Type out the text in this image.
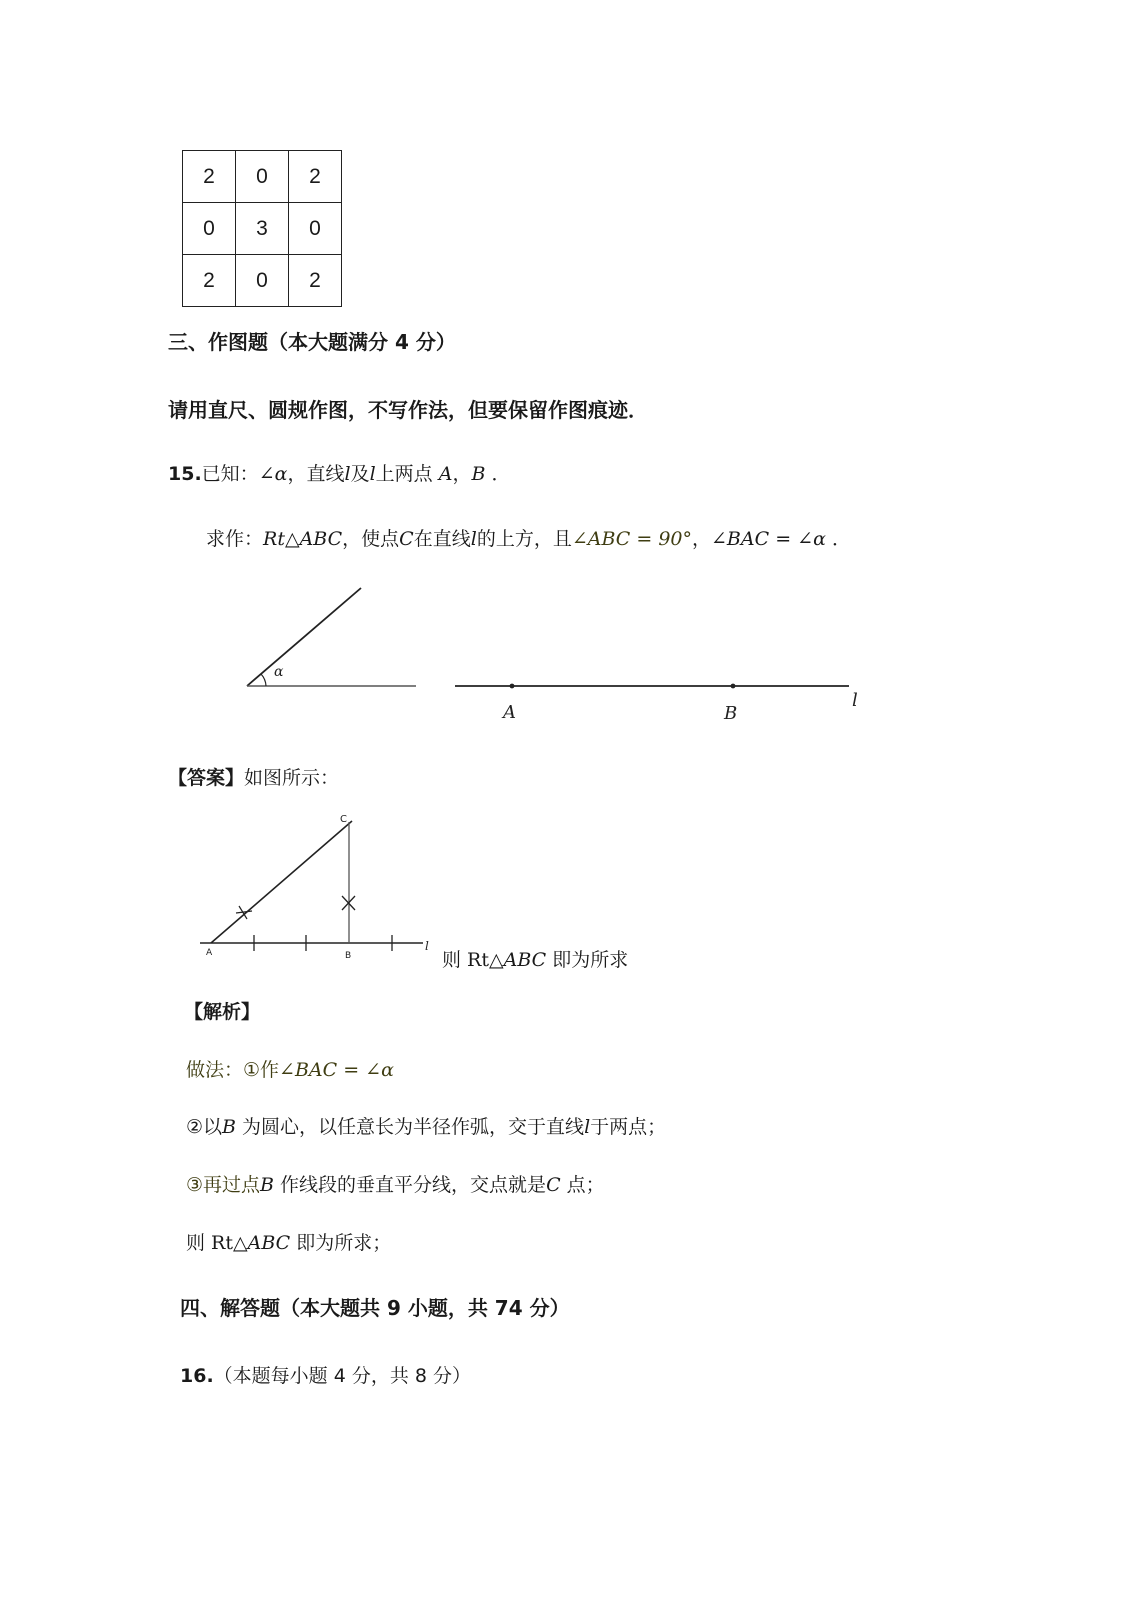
2	0	2
0	3	0
2	0	2
三、作图题（本大题满分 4 分）
请用直尺、圆规作图，不写作法，但要保留作图痕迹．
15.已知：∠α，直线l及l上两点 A，B ．
求作：Rt△ABC，使点C在直线l的上方，且∠ABC = 90°，∠BAC = ∠α ．
α
A	B
l
【答案】如图所示：
C
A	B
l
则 Rt△ABC 即为所求
【解析】
做法：①作∠BAC = ∠α
②以B 为圆心，以任意长为半径作弧，交于直线l于两点；
③再过点B 作线段的垂直平分线，交点就是C 点；
则 Rt△ABC 即为所求；
四、解答题（本大题共 9 小题，共 74 分）
16.（本题每小题 4 分，共 8 分）
